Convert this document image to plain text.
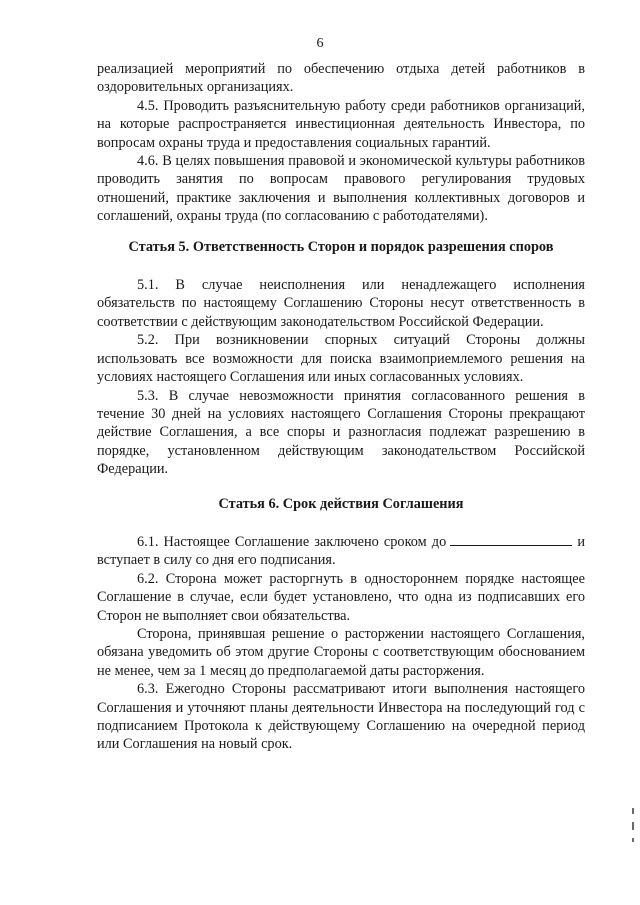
6

реализацией мероприятий по обеспечению отдыха детей работников в оздоровительных организациях.

4.5. Проводить разъяснительную работу среди работников организаций, на которые распространяется инвестиционная деятельность Инвестора, по вопросам охраны труда и предоставления социальных гарантий.

4.6. В целях повышения правовой и экономической культуры работников проводить занятия по вопросам правового регулирования трудовых отношений, практике заключения и выполнения коллективных договоров и соглашений, охраны труда (по согласованию с работодателями).

Статья 5. Ответственность Сторон и порядок разрешения споров

5.1. В случае неисполнения или ненадлежащего исполнения обязательств по настоящему Соглашению Стороны несут ответственность в соответствии с действующим законодательством Российской Федерации.

5.2. При возникновении спорных ситуаций Стороны должны использовать все возможности для поиска взаимоприемлемого решения на условиях настоящего Соглашения или иных согласованных условиях.

5.3. В случае невозможности принятия согласованного решения в течение 30 дней на условиях настоящего Соглашения Стороны прекращают действие Соглашения, а все споры и разногласия подлежат разрешению в порядке, установленном действующим законодательством Российской Федерации.

Статья 6. Срок действия Соглашения

6.1. Настоящее Соглашение заключено сроком до	и вступает в силу со дня его подписания.

6.2. Сторона может расторгнуть в одностороннем порядке настоящее Соглашение в случае, если будет установлено, что одна из подписавших его Сторон не выполняет свои обязательства.

Сторона, принявшая решение о расторжении настоящего Соглашения, обязана уведомить об этом другие Стороны с соответствующим обоснованием не менее, чем за 1 месяц до предполагаемой даты расторжения.

6.3. Ежегодно Стороны рассматривают итоги выполнения настоящего Соглашения и уточняют планы деятельности Инвестора на последующий год с подписанием Протокола к действующему Соглашению на очередной период или Соглашения на новый срок.
